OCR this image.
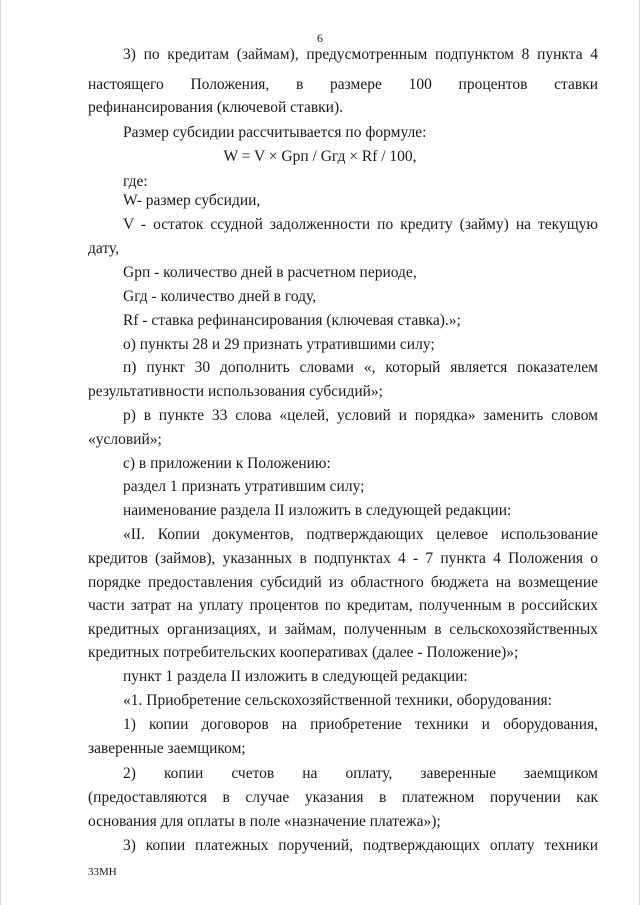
6
3) по кредитам (займам), предусмотренным подпунктом 8 пункта 4
настоящего Положения, в размере 100 процентов ставки
рефинансирования (ключевой ставки).
Размер субсидии рассчитывается по формуле:
W = V × Gрп / Gгд × Rf / 100,
где:
W- размер субсидии,
V - остаток ссудной задолженности по кредиту (займу) на текущую
дату,
Gрп - количество дней в расчетном периоде,
Gгд - количество дней в году,
Rf - ставка рефинансирования (ключевая ставка).»;
о) пункты 28 и 29 признать утратившими силу;
п) пункт 30 дополнить словами «, который является показателем
результативности использования субсидий»;
р) в пункте 33 слова «целей, условий и порядка» заменить словом
«условий»;
с) в приложении к Положению:
раздел 1 признать утратившим силу;
наименование раздела II изложить в следующей редакции:
«II. Копии документов, подтверждающих целевое использование
кредитов (займов), указанных в подпунктах 4 - 7 пункта 4 Положения о
порядке предоставления субсидий из областного бюджета на возмещение
части затрат на уплату процентов по кредитам, полученным в российских
кредитных организациях, и займам, полученным в сельскохозяйственных
кредитных потребительских кооперативах (далее - Положение)»;
пункт 1 раздела II изложить в следующей редакции:
«1. Приобретение сельскохозяйственной техники, оборудования:
1) копии договоров на приобретение техники и оборудования,
заверенные заемщиком;
2) копии счетов на оплату, заверенные заемщиком
(предоставляются в случае указания в платежном поручении как
основания для оплаты в поле «назначение платежа»);
3) копии платежных поручений, подтверждающих оплату техники
33МН
